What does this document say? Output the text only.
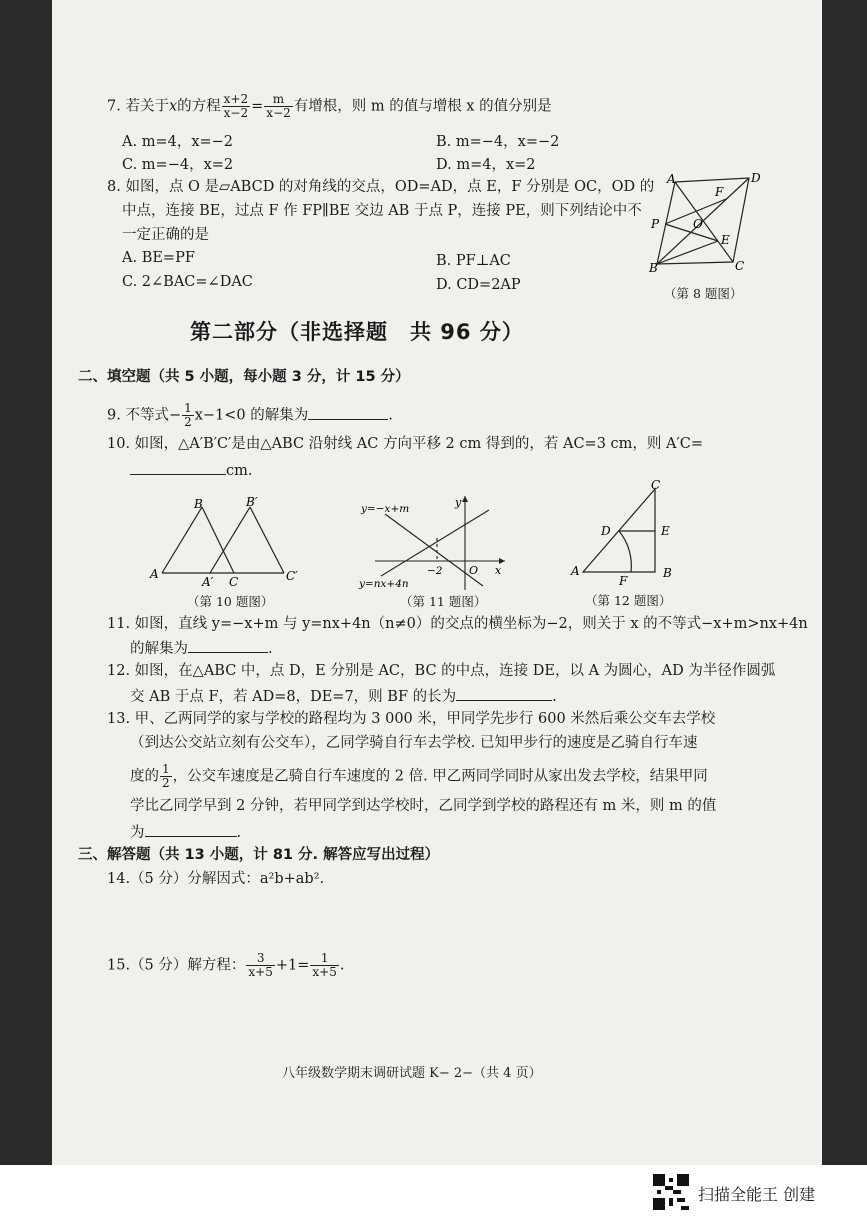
7. 若关于x的方程 $\frac{x+2}{x-2} = \frac{m}{x-2}$ 有增根，则 m 的值与增根 x 的值分别是
A. m=4，x=−2	B. m=−4，x=−2
C. m=−4，x=2	D. m=4，x=2
8. 如图，点 O 是▱ABCD 的对角线的交点，OD=AD，点 E，F 分别是 OC，OD 的
中点，连接 BE，过点 F 作 FP∥BE 交边 AB 于点 P，连接 PE，则下列结论中不
一定正确的是
A. BE=PF	B. PF⊥AC
C. 2∠BAC=∠DAC	D. CD=2AP
A	D
F
P	O
E
B	C
（第 8 题图）
第二部分（非选择题　共 96 分）
二、填空题（共 5 小题，每小题 3 分，计 15 分）
9. 不等式− $\frac{1}{2} x-1<0$ 的解集为	.
10. 如图，△A′B′C′是由△ABC 沿射线 AC 方向平移 2 cm 得到的，若 AC=3 cm，则 A′C=
cm.
A
B	B′
A′ C	C′
（第 10 题图）
y=−x+m
y=nx+4n
x
y
O
−2
（第 11 题图）
A	B
C
D	E
F
（第 12 题图）
11. 如图，直线 y=−x+m 与 y=nx+4n（n≠0）的交点的横坐标为−2，则关于 x 的不等式−x+m>nx+4n
的解集为	.
12. 如图，在△ABC 中，点 D，E 分别是 AC，BC 的中点，连接 DE，以 A 为圆心，AD 为半径作圆弧
交 AB 于点 F，若 AD=8，DE=7，则 BF 的长为	.
13. 甲、乙两同学的家与学校的路程均为 3 000 米，甲同学先步行 600 米然后乘公交车去学校
（到达公交站立刻有公交车），乙同学骑自行车去学校. 已知甲步行的速度是乙骑自行车速
度的 $\frac{1}{2}$ ，公交车速度是乙骑自行车速度的 2 倍. 甲乙两同学同时从家出发去学校，结果甲同
学比乙同学早到 2 分钟，若甲同学到达学校时，乙同学到学校的路程还有 m 米，则 m 的值
为	.
三、解答题（共 13 小题，计 81 分. 解答应写出过程）
14.（5 分）分解因式：a²b+ab².
15.（5 分）解方程： $\frac{3}{x+5} +1= \frac{1}{x+5}$ .
八年级数学期末调研试题 K− 2−（共 4 页）
扫描全能王 创建
